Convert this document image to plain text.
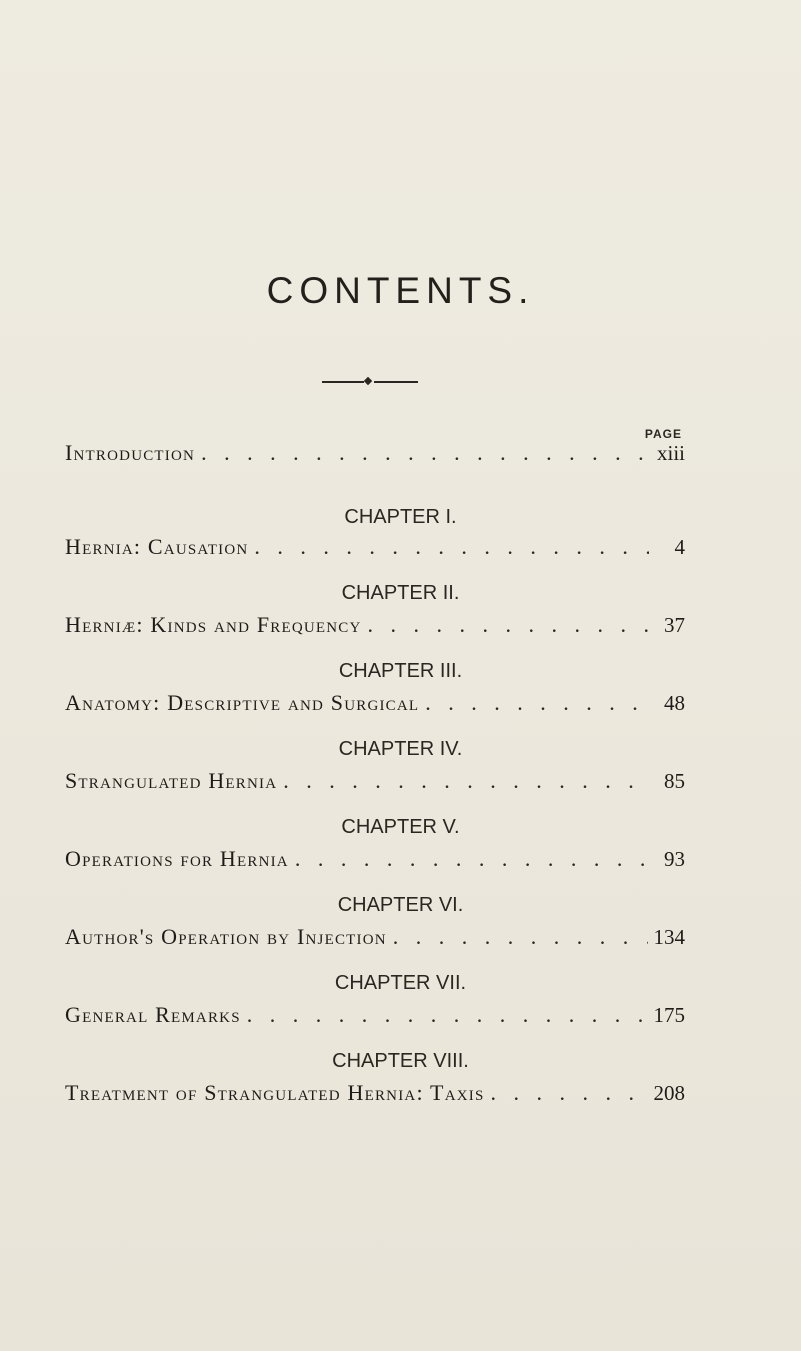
CONTENTS.
PAGE
Introduction . . .	xiii
CHAPTER I.
Hernia: Causation . . .	4
CHAPTER II.
Herniæ: Kinds and Frequency . . .	37
CHAPTER III.
Anatomy: Descriptive and Surgical . . .	48
CHAPTER IV.
Strangulated Hernia . . .	85
CHAPTER V.
Operations for Hernia . . .	93
CHAPTER VI.
Author's Operation by Injection . . .	134
CHAPTER VII.
General Remarks . . .	175
CHAPTER VIII.
Treatment of Strangulated Hernia: Taxis . . .	208
